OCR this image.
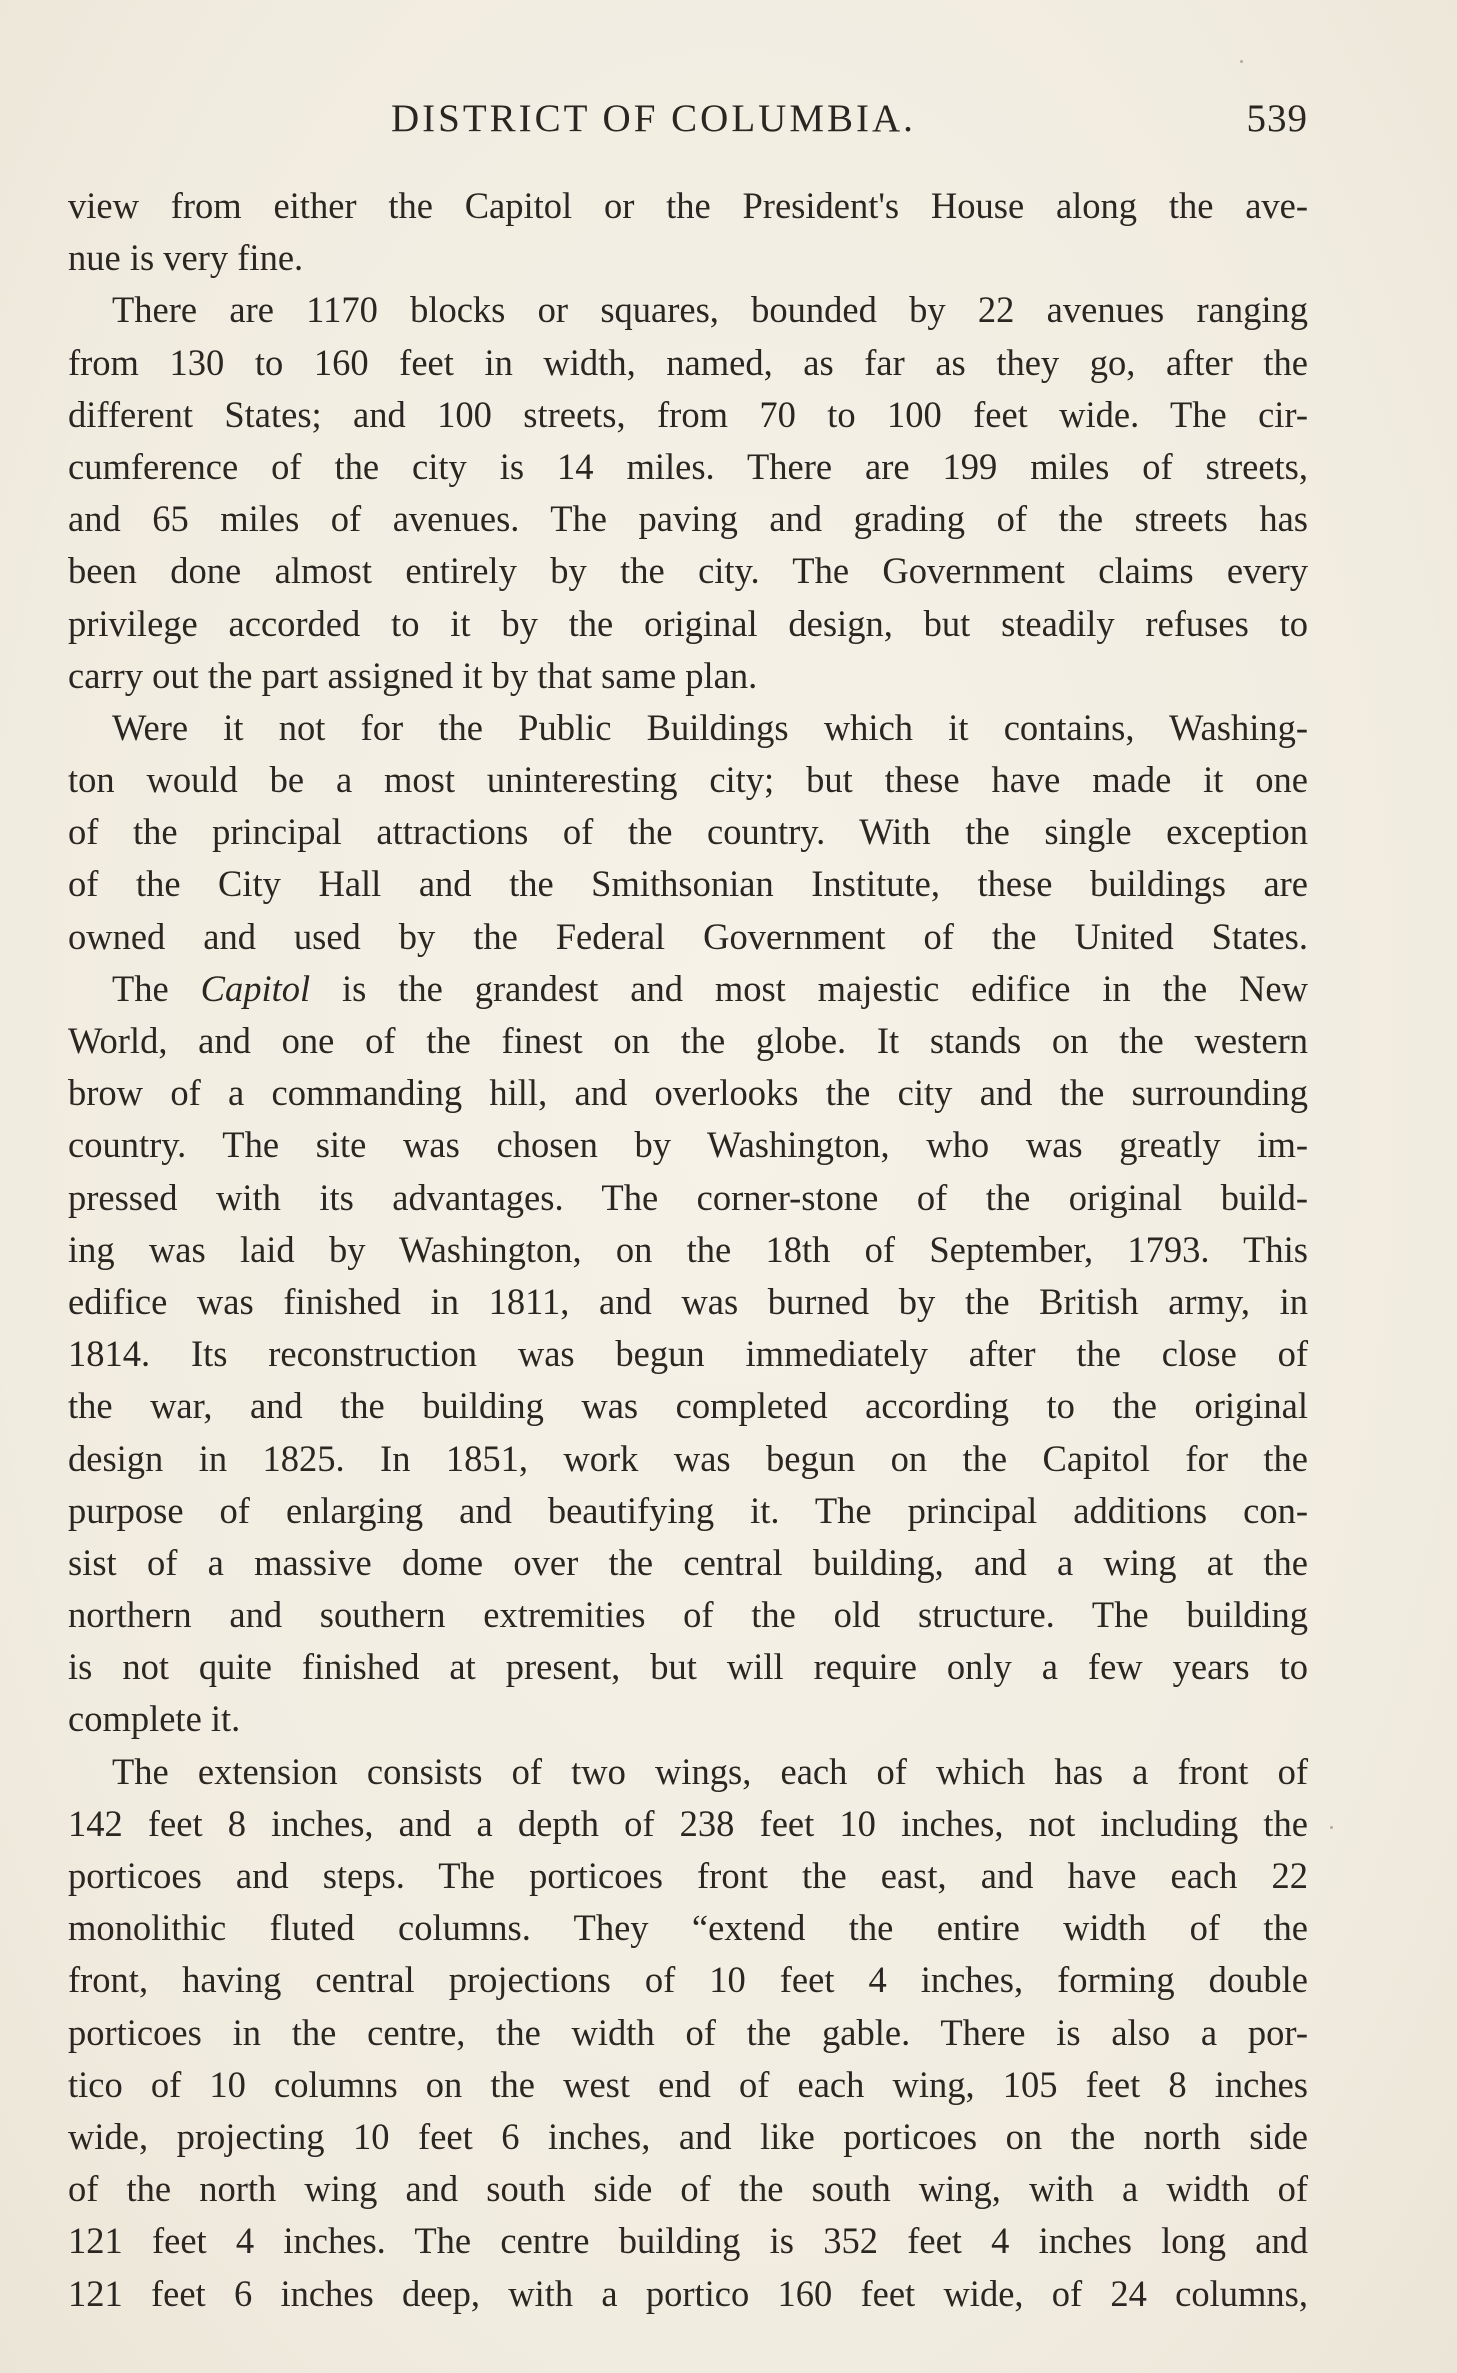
DISTRICT OF COLUMBIA.	539
view from either the Capitol or the President's House along the ave-
nue is very fine.
There are 1170 blocks or squares, bounded by 22 avenues ranging
from 130 to 160 feet in width, named, as far as they go, after the
different States; and 100 streets, from 70 to 100 feet wide. The cir-
cumference of the city is 14 miles. There are 199 miles of streets,
and 65 miles of avenues. The paving and grading of the streets has
been done almost entirely by the city. The Government claims every
privilege accorded to it by the original design, but steadily refuses to
carry out the part assigned it by that same plan.
Were it not for the Public Buildings which it contains, Washing-
ton would be a most uninteresting city; but these have made it one
of the principal attractions of the country. With the single exception
of the City Hall and the Smithsonian Institute, these buildings are
owned and used by the Federal Government of the United States.
The Capitol is the grandest and most majestic edifice in the New
World, and one of the finest on the globe. It stands on the western
brow of a commanding hill, and overlooks the city and the surrounding
country. The site was chosen by Washington, who was greatly im-
pressed with its advantages. The corner-stone of the original build-
ing was laid by Washington, on the 18th of September, 1793. This
edifice was finished in 1811, and was burned by the British army, in
1814. Its reconstruction was begun immediately after the close of
the war, and the building was completed according to the original
design in 1825. In 1851, work was begun on the Capitol for the
purpose of enlarging and beautifying it. The principal additions con-
sist of a massive dome over the central building, and a wing at the
northern and southern extremities of the old structure. The building
is not quite finished at present, but will require only a few years to
complete it.
The extension consists of two wings, each of which has a front of
142 feet 8 inches, and a depth of 238 feet 10 inches, not including the
porticoes and steps. The porticoes front the east, and have each 22
monolithic fluted columns. They “extend the entire width of the
front, having central projections of 10 feet 4 inches, forming double
porticoes in the centre, the width of the gable. There is also a por-
tico of 10 columns on the west end of each wing, 105 feet 8 inches
wide, projecting 10 feet 6 inches, and like porticoes on the north side
of the north wing and south side of the south wing, with a width of
121 feet 4 inches. The centre building is 352 feet 4 inches long and
121 feet 6 inches deep, with a portico 160 feet wide, of 24 columns,
